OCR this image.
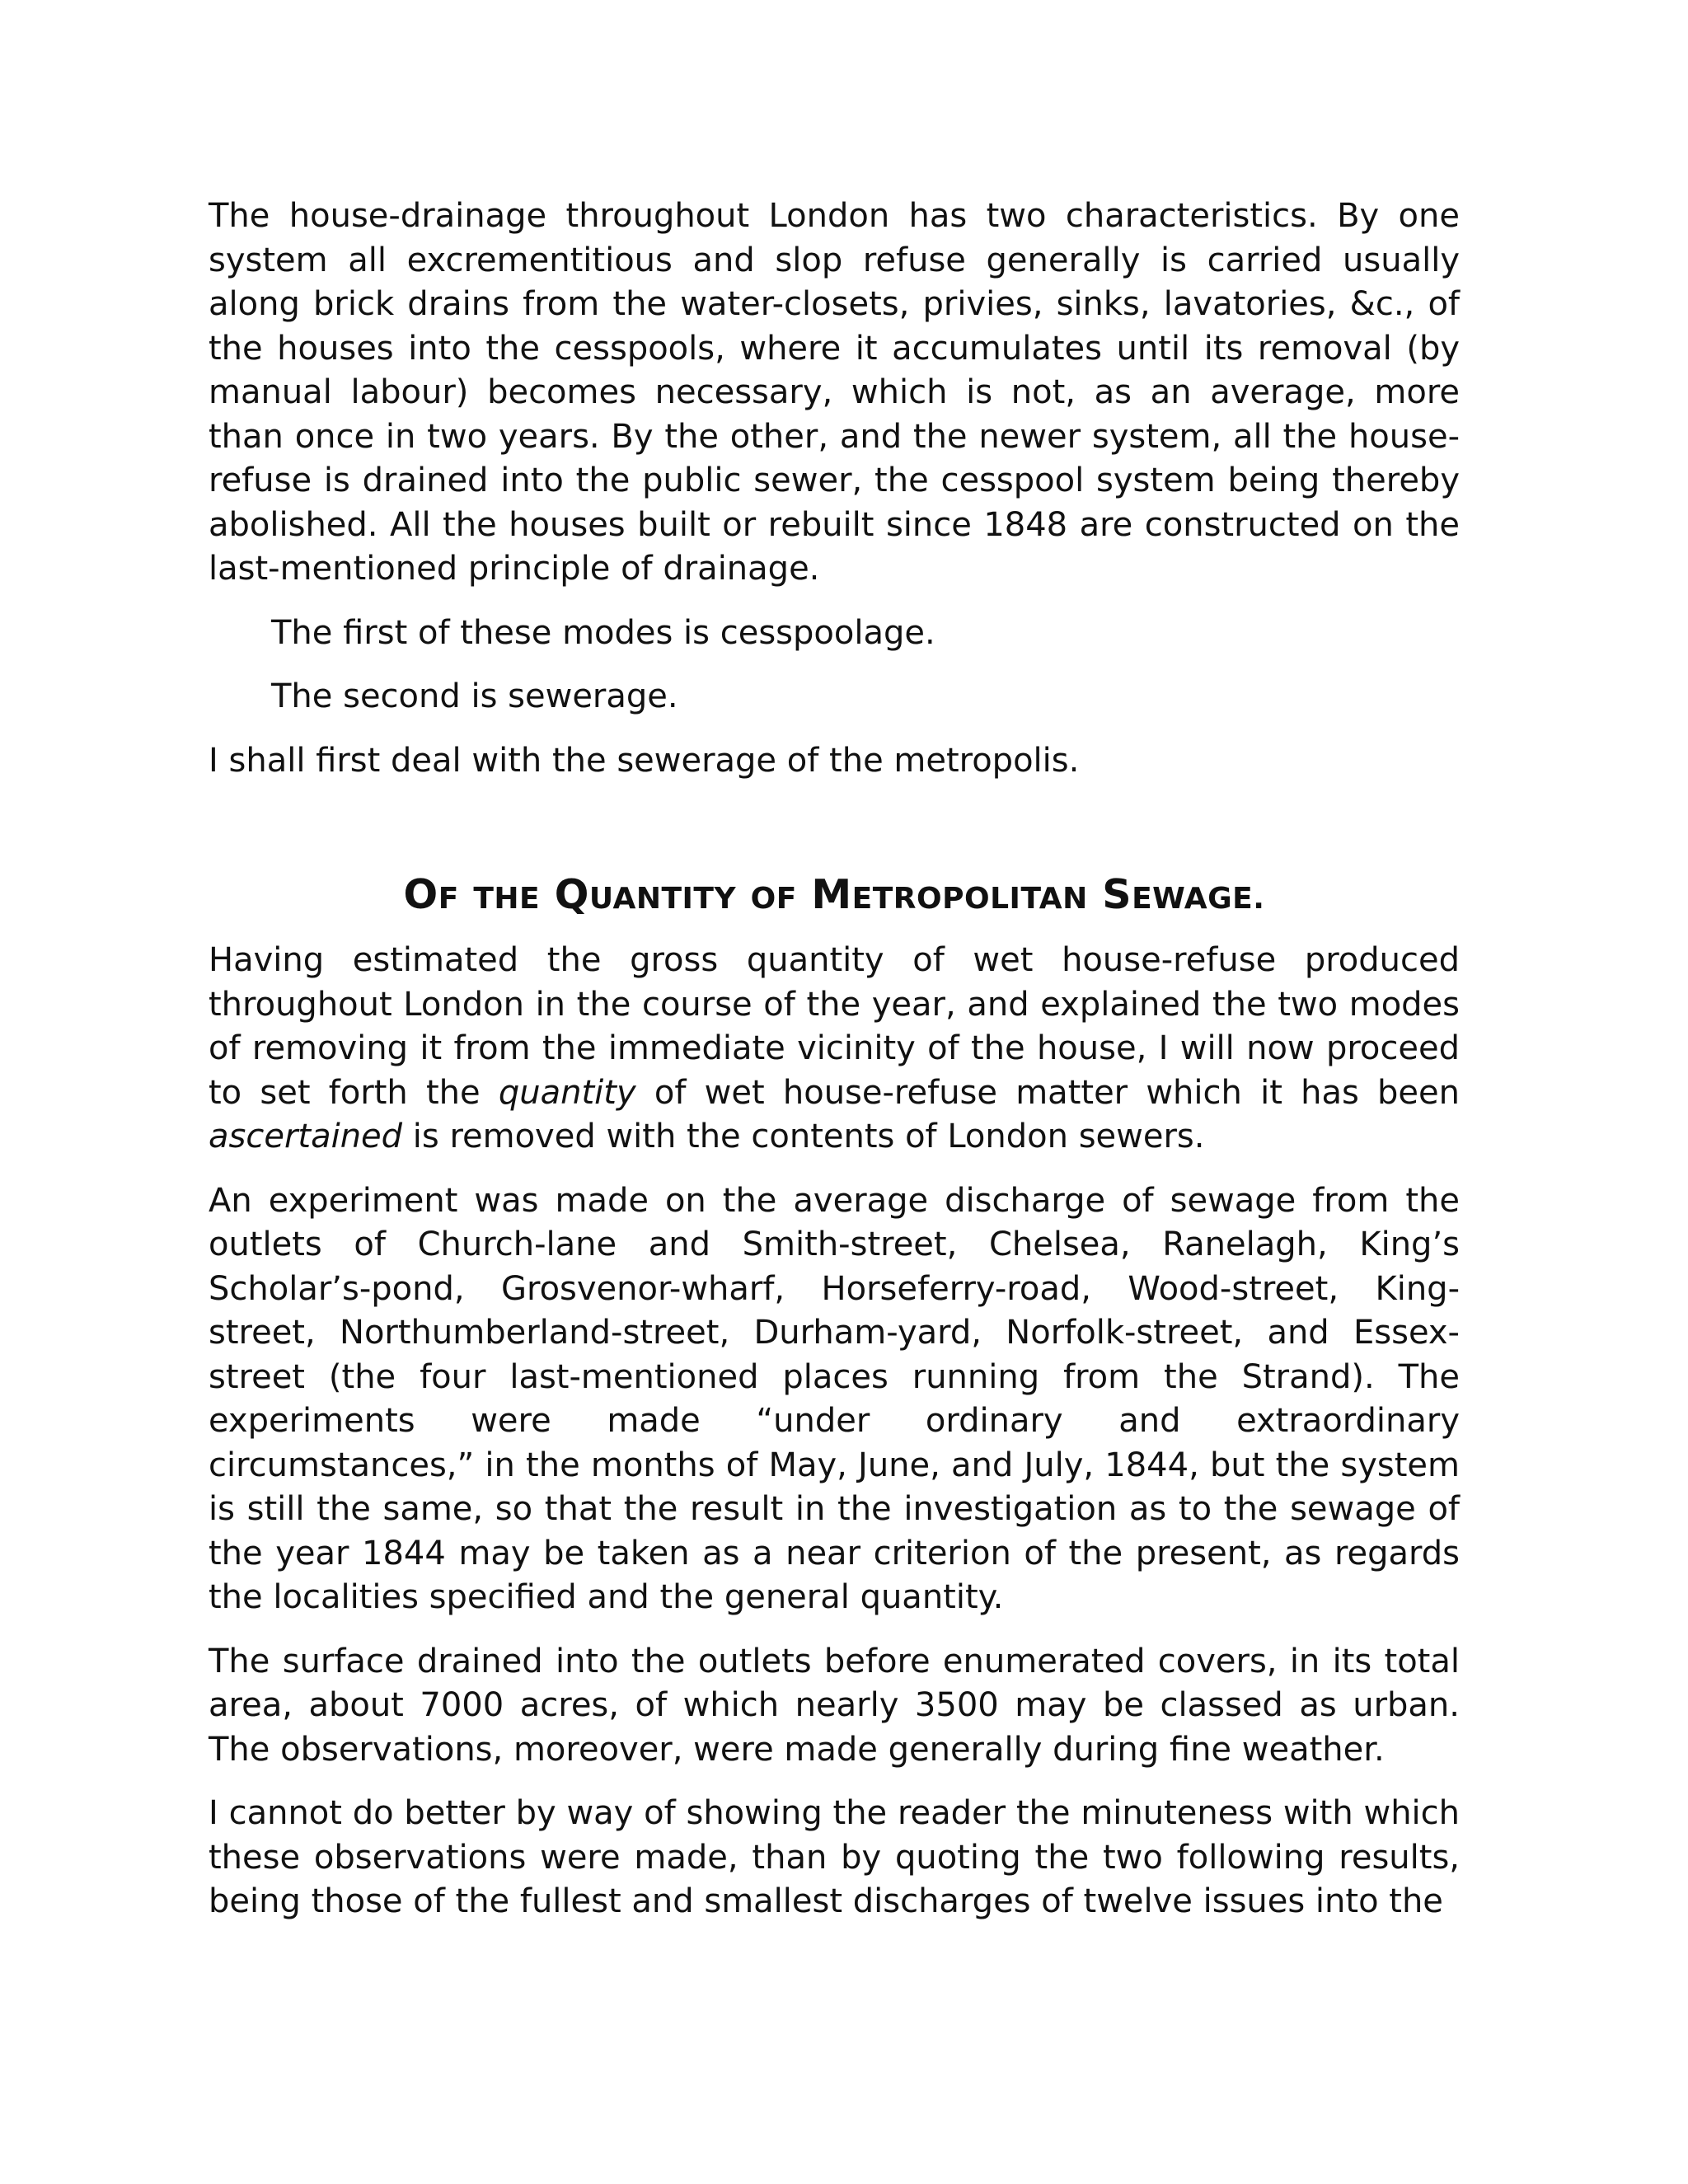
The house-drainage throughout London has two characteristics. By one system all excrementitious and slop refuse generally is carried usually along brick drains from the water-closets, privies, sinks, lavatories, &c., of the houses into the cesspools, where it accumulates until its removal (by manual labour) becomes necessary, which is not, as an average, more than once in two years. By the other, and the newer system, all the house-refuse is drained into the public sewer, the cesspool system being thereby abolished. All the houses built or rebuilt since 1848 are constructed on the last-mentioned principle of drainage.

The first of these modes is cesspoolage.

The second is sewerage.

I shall first deal with the sewerage of the metropolis.

OF THE QUANTITY OF METROPOLITAN SEWAGE.

Having estimated the gross quantity of wet house-refuse produced throughout London in the course of the year, and explained the two modes of removing it from the immediate vicinity of the house, I will now proceed to set forth the quantity of wet house-refuse matter which it has been ascertained is removed with the contents of London sewers.

An experiment was made on the average discharge of sewage from the outlets of Church-lane and Smith-street, Chelsea, Ranelagh, King’s Scholar’s-pond, Grosvenor-wharf, Horseferry-road, Wood-street, King-street, Northumberland-street, Durham-yard, Norfolk-street, and Essex-street (the four last-mentioned places running from the Strand). The experiments were made “under ordinary and extraordinary circumstances,” in the months of May, June, and July, 1844, but the system is still the same, so that the result in the investigation as to the sewage of the year 1844 may be taken as a near criterion of the present, as regards the localities specified and the general quantity.

The surface drained into the outlets before enumerated covers, in its total area, about 7000 acres, of which nearly 3500 may be classed as urban. The observations, moreover, were made generally during fine weather.

I cannot do better by way of showing the reader the minuteness with which these observations were made, than by quoting the two following results, being those of the fullest and smallest discharges of twelve issues into the
